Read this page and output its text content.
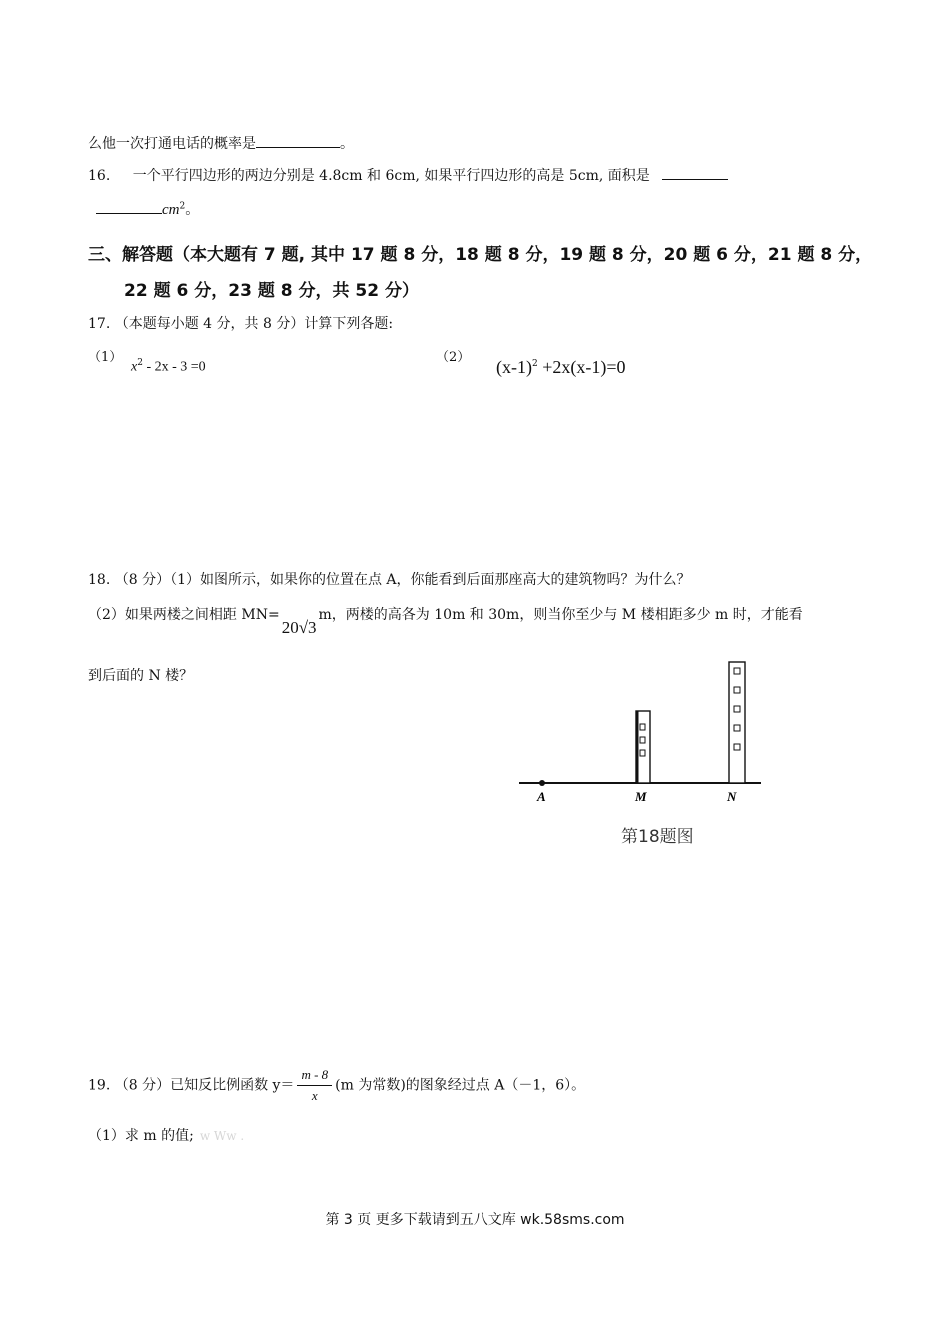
么他一次打通电话的概率是	。
16. 一个平行四边形的两边分别是 4.8cm 和 6cm, 如果平行四边形的高是 5cm, 面积是
$cm^2$。
三、解答题（本大题有 7 题, 其中 17 题 8 分，18 题 8 分，19 题 8 分，20 题 6 分，21 题 8 分，
22 题 6 分，23 题 8 分，共 52 分）
17. （本题每小题 4 分，共 8 分）计算下列各题:
（1）
$x^2 - 2x - 3 =0$
（2） $(x-1)^2 +2x(x-1)=0$
18. （8 分）（1）如图所示，如果你的位置在点 A，你能看到后面那座高大的建筑物吗？为什么？
（2）如果两楼之间相距 MN=20√3m，两楼的高各为 10m 和 30m，则当你至少与 M 楼相距多少 m 时，才能看
到后面的 N 楼？
A	M	N
第18题图
19. （8 分）已知反比例函数 $y= \frac{m - 8}{x} (m$ 为常数)的图象经过点 A（－1，6）。
（1）求 m 的值; w Ww .
第 3 页 更多下载请到五八文库 wk.58sms.com
